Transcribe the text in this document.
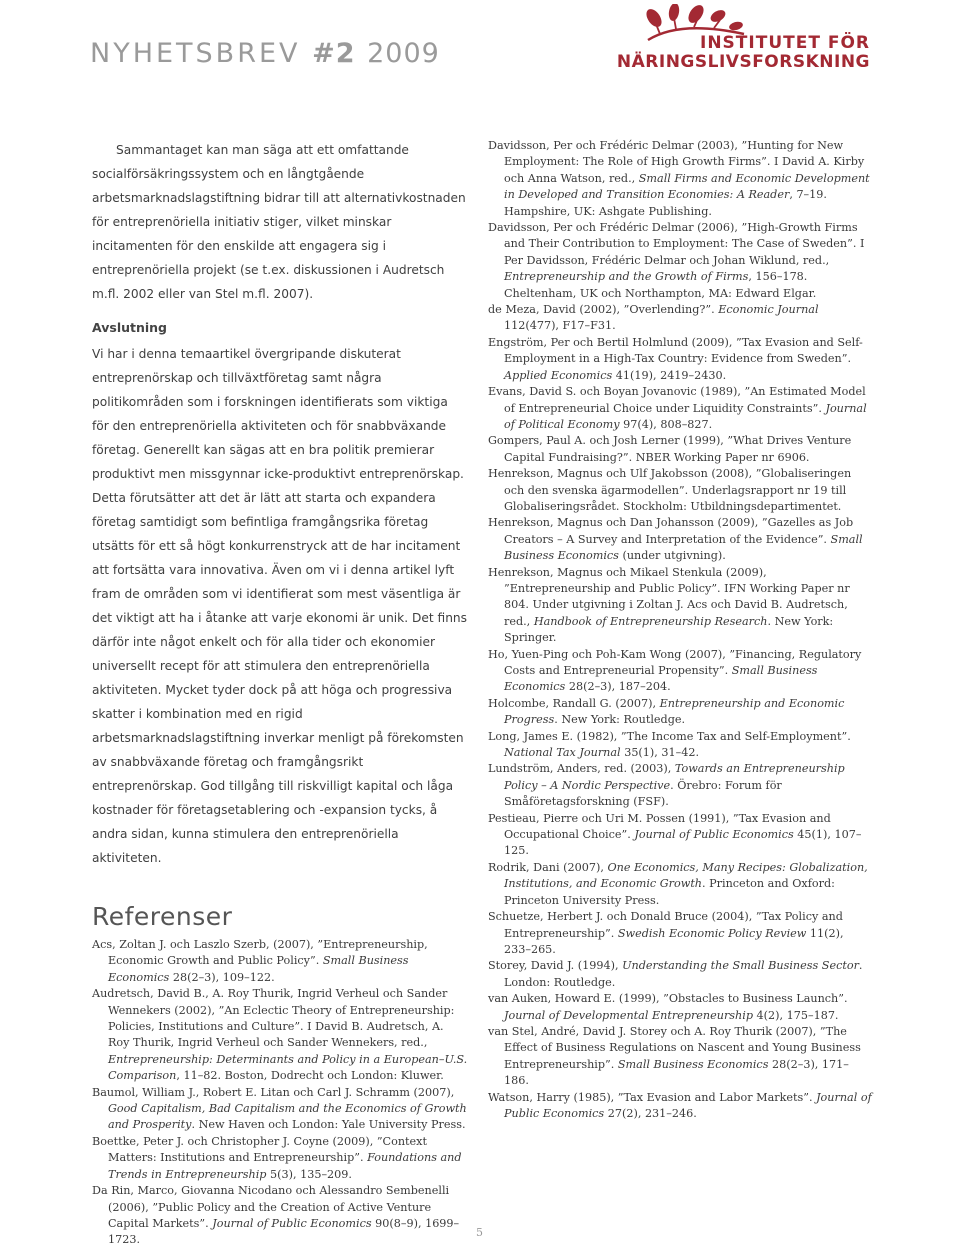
NYHETSBREV #2 2009	INSTITUTET FÖR
NÄRINGSLIVSFORSKNING

Sammantaget kan man säga att ett omfattande socialförsäkringssystem och en långtgående arbetsmarknadslagstiftning bidrar till att alternativkostnaden för entreprenöriella initiativ stiger, vilket minskar incitamenten för den enskilde att engagera sig i entreprenöriella projekt (se t.ex. diskussionen i Audretsch m.fl. 2002 eller van Stel m.fl. 2007).

Avslutning

Vi har i denna temaartikel övergripande diskuterat entreprenörskap och tillväxtföretag samt några politikområden som i forskningen identifierats som viktiga för den entreprenöriella aktiviteten och för snabbväxande företag. Generellt kan sägas att en bra politik premierar produktivt men missgynnar icke-produktivt entreprenörskap. Detta förutsätter att det är lätt att starta och expandera företag samtidigt som befintliga framgångsrika företag utsätts för ett så högt konkurrenstryck att de har incitament att fortsätta vara innovativa. Även om vi i denna artikel lyft fram de områden som vi identifierat som mest väsentliga är det viktigt att ha i åtanke att varje ekonomi är unik. Det finns därför inte något enkelt och för alla tider och ekonomier universellt recept för att stimulera den entreprenöriella aktiviteten. Mycket tyder dock på att höga och progressiva skatter i kombination med en rigid arbetsmarknadslagstiftning inverkar menligt på förekomsten av snabbväxande företag och framgångsrikt entreprenörskap. God tillgång till riskvilligt kapital och låga kostnader för företagsetablering och -expansion tycks, å andra sidan, kunna stimulera den entreprenöriella aktiviteten.

Referenser

Acs, Zoltan J. och Laszlo Szerb, (2007), ”Entrepreneurship, Economic Growth and Public Policy”. Small Business Economics 28(2–3), 109–122.

Audretsch, David B., A. Roy Thurik, Ingrid Verheul och Sander Wennekers (2002), ”An Eclectic Theory of Entrepreneurship: Policies, Institutions and Culture”. I David B. Audretsch, A. Roy Thurik, Ingrid Verheul och Sander Wennekers, red., Entrepreneurship: Determinants and Policy in a European–U.S. Comparison, 11–82. Boston, Dodrecht och London: Kluwer.

Baumol, William J., Robert E. Litan och Carl J. Schramm (2007), Good Capitalism, Bad Capitalism and the Economics of Growth and Prosperity. New Haven och London: Yale University Press.

Boettke, Peter J. och Christopher J. Coyne (2009), ”Context Matters: Institutions and Entrepreneurship”. Foundations and Trends in Entrepreneurship 5(3), 135–209.

Da Rin, Marco, Giovanna Nicodano och Alessandro Sembenelli (2006), ”Public Policy and the Creation of Active Venture Capital Markets”. Journal of Public Economics 90(8–9), 1699–1723.

Davidsson, Per och Frédéric Delmar (2003), ”Hunting for New Employment: The Role of High Growth Firms”. I David A. Kirby och Anna Watson, red., Small Firms and Economic Development in Developed and Transition Economies: A Reader, 7–19. Hampshire, UK: Ashgate Publishing.

Davidsson, Per och Frédéric Delmar (2006), ”High-Growth Firms and Their Contribution to Employment: The Case of Sweden”. I Per Davidsson, Frédéric Delmar och Johan Wiklund, red., Entrepreneurship and the Growth of Firms, 156–178. Cheltenham, UK och Northampton, MA: Edward Elgar.

de Meza, David (2002), ”Overlending?”. Economic Journal 112(477), F17–F31.

Engström, Per och Bertil Holmlund (2009), ”Tax Evasion and Self-Employment in a High-Tax Country: Evidence from Sweden”. Applied Economics 41(19), 2419–2430.

Evans, David S. och Boyan Jovanovic (1989), ”An Estimated Model of Entrepreneurial Choice under Liquidity Constraints”. Journal of Political Economy 97(4), 808–827.

Gompers, Paul A. och Josh Lerner (1999), ”What Drives Venture Capital Fundraising?”. NBER Working Paper nr 6906.

Henrekson, Magnus och Ulf Jakobsson (2008), ”Globaliseringen och den svenska ägarmodellen”. Underlagsrapport nr 19 till Globaliseringsrådet. Stockholm: Utbildningsdepartimentet.

Henrekson, Magnus och Dan Johansson (2009), ”Gazelles as Job Creators – A Survey and Interpretation of the Evidence”. Small Business Economics (under utgivning).

Henrekson, Magnus och Mikael Stenkula (2009), ”Entrepreneurship and Public Policy”. IFN Working Paper nr 804. Under utgivning i Zoltan J. Acs och David B. Audretsch, red., Handbook of Entrepreneurship Research. New York: Springer.

Ho, Yuen-Ping och Poh-Kam Wong (2007), ”Financing, Regulatory Costs and Entrepreneurial Propensity”. Small Business Economics 28(2–3), 187–204.

Holcombe, Randall G. (2007), Entrepreneurship and Economic Progress. New York: Routledge.

Long, James E. (1982), ”The Income Tax and Self-Employment”. National Tax Journal 35(1), 31–42.

Lundström, Anders, red. (2003), Towards an Entrepreneurship Policy – A Nordic Perspective. Örebro: Forum för Småföretagsforskning (FSF).

Pestieau, Pierre och Uri M. Possen (1991), ”Tax Evasion and Occupational Choice”. Journal of Public Economics 45(1), 107–125.

Rodrik, Dani (2007), One Economics, Many Recipes: Globalization, Institutions, and Economic Growth. Princeton and Oxford: Princeton University Press.

Schuetze, Herbert J. och Donald Bruce (2004), ”Tax Policy and Entrepreneurship”. Swedish Economic Policy Review 11(2), 233–265.

Storey, David J. (1994), Understanding the Small Business Sector. London: Routledge.

van Auken, Howard E. (1999), ”Obstacles to Business Launch”. Journal of Developmental Entrepreneurship 4(2), 175–187.

van Stel, André, David J. Storey och A. Roy Thurik (2007), ”The Effect of Business Regulations on Nascent and Young Business Entrepreneurship”. Small Business Economics 28(2–3), 171–186.

Watson, Harry (1985), ”Tax Evasion and Labor Markets”. Journal of Public Economics 27(2), 231–246.

5
